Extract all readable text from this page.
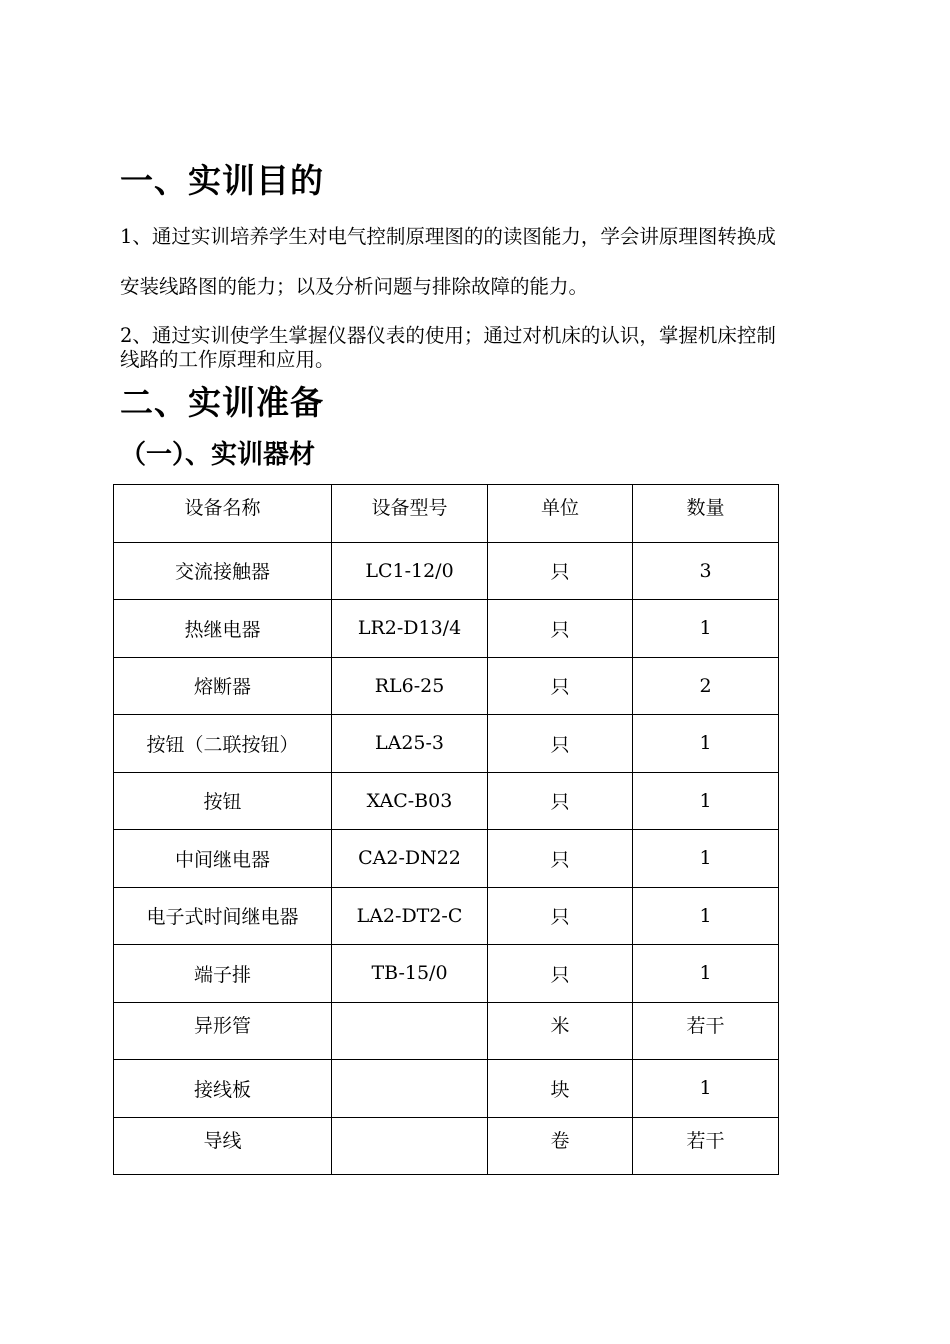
一、实训目的
1、通过实训培养学生对电气控制原理图的的读图能力，学会讲原理图转换成
安装线路图的能力；以及分析问题与排除故障的能力。
2、通过实训使学生掌握仪器仪表的使用；通过对机床的认识，掌握机床控制
线路的工作原理和应用。
二、实训准备
（一）、实训器材
设备名称	设备型号	单位	数量
交流接触器	LC1-12/0	只	3
热继电器	LR2-D13/4	只	1
熔断器	RL6-25	只	2
按钮（二联按钮）	LA25-3	只	1
按钮	XAC-B03	只	1
中间继电器	CA2-DN22	只	1
电子式时间继电器	LA2-DT2-C	只	1
端子排	TB-15/0	只	1
异形管		米	若干
接线板		块	1
导线		卷	若干
